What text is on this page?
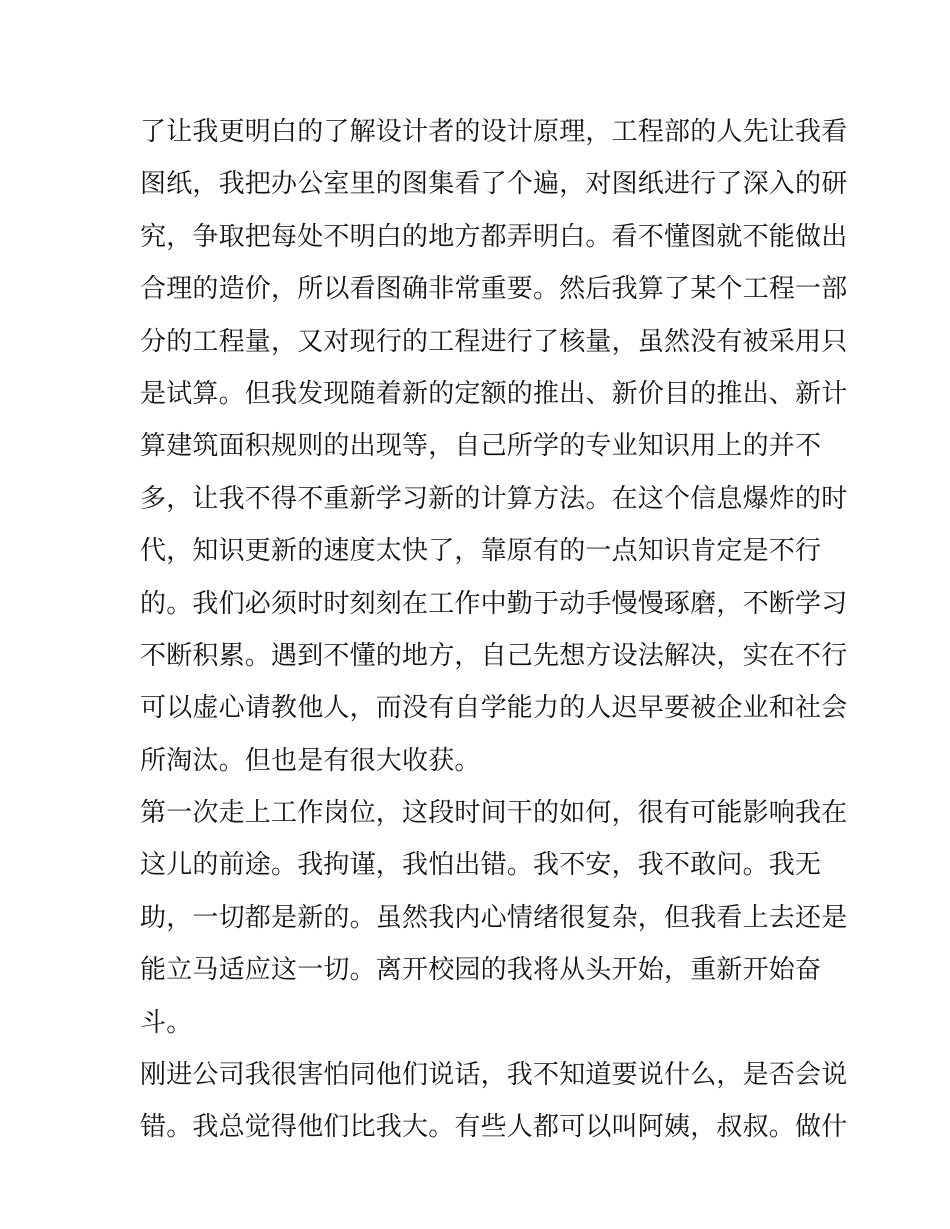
了让我更明白的了解设计者的设计原理，工程部的人先让我看
图纸，我把办公室里的图集看了个遍，对图纸进行了深入的研
究，争取把每处不明白的地方都弄明白。看不懂图就不能做出
合理的造价，所以看图确非常重要。然后我算了某个工程一部
分的工程量，又对现行的工程进行了核量，虽然没有被采用只
是试算。但我发现随着新的定额的推出、新价目的推出、新计
算建筑面积规则的出现等，自己所学的专业知识用上的并不
多，让我不得不重新学习新的计算方法。在这个信息爆炸的时
代，知识更新的速度太快了，靠原有的一点知识肯定是不行
的。我们必须时时刻刻在工作中勤于动手慢慢琢磨，不断学习
不断积累。遇到不懂的地方，自己先想方设法解决，实在不行
可以虚心请教他人，而没有自学能力的人迟早要被企业和社会
所淘汰。但也是有很大收获。
第一次走上工作岗位，这段时间干的如何，很有可能影响我在
这儿的前途。我拘谨，我怕出错。我不安，我不敢问。我无
助，一切都是新的。虽然我内心情绪很复杂，但我看上去还是
能立马适应这一切。离开校园的我将从头开始，重新开始奋
斗。
刚进公司我很害怕同他们说话，我不知道要说什么，是否会说
错。我总觉得他们比我大。有些人都可以叫阿姨，叔叔。做什
